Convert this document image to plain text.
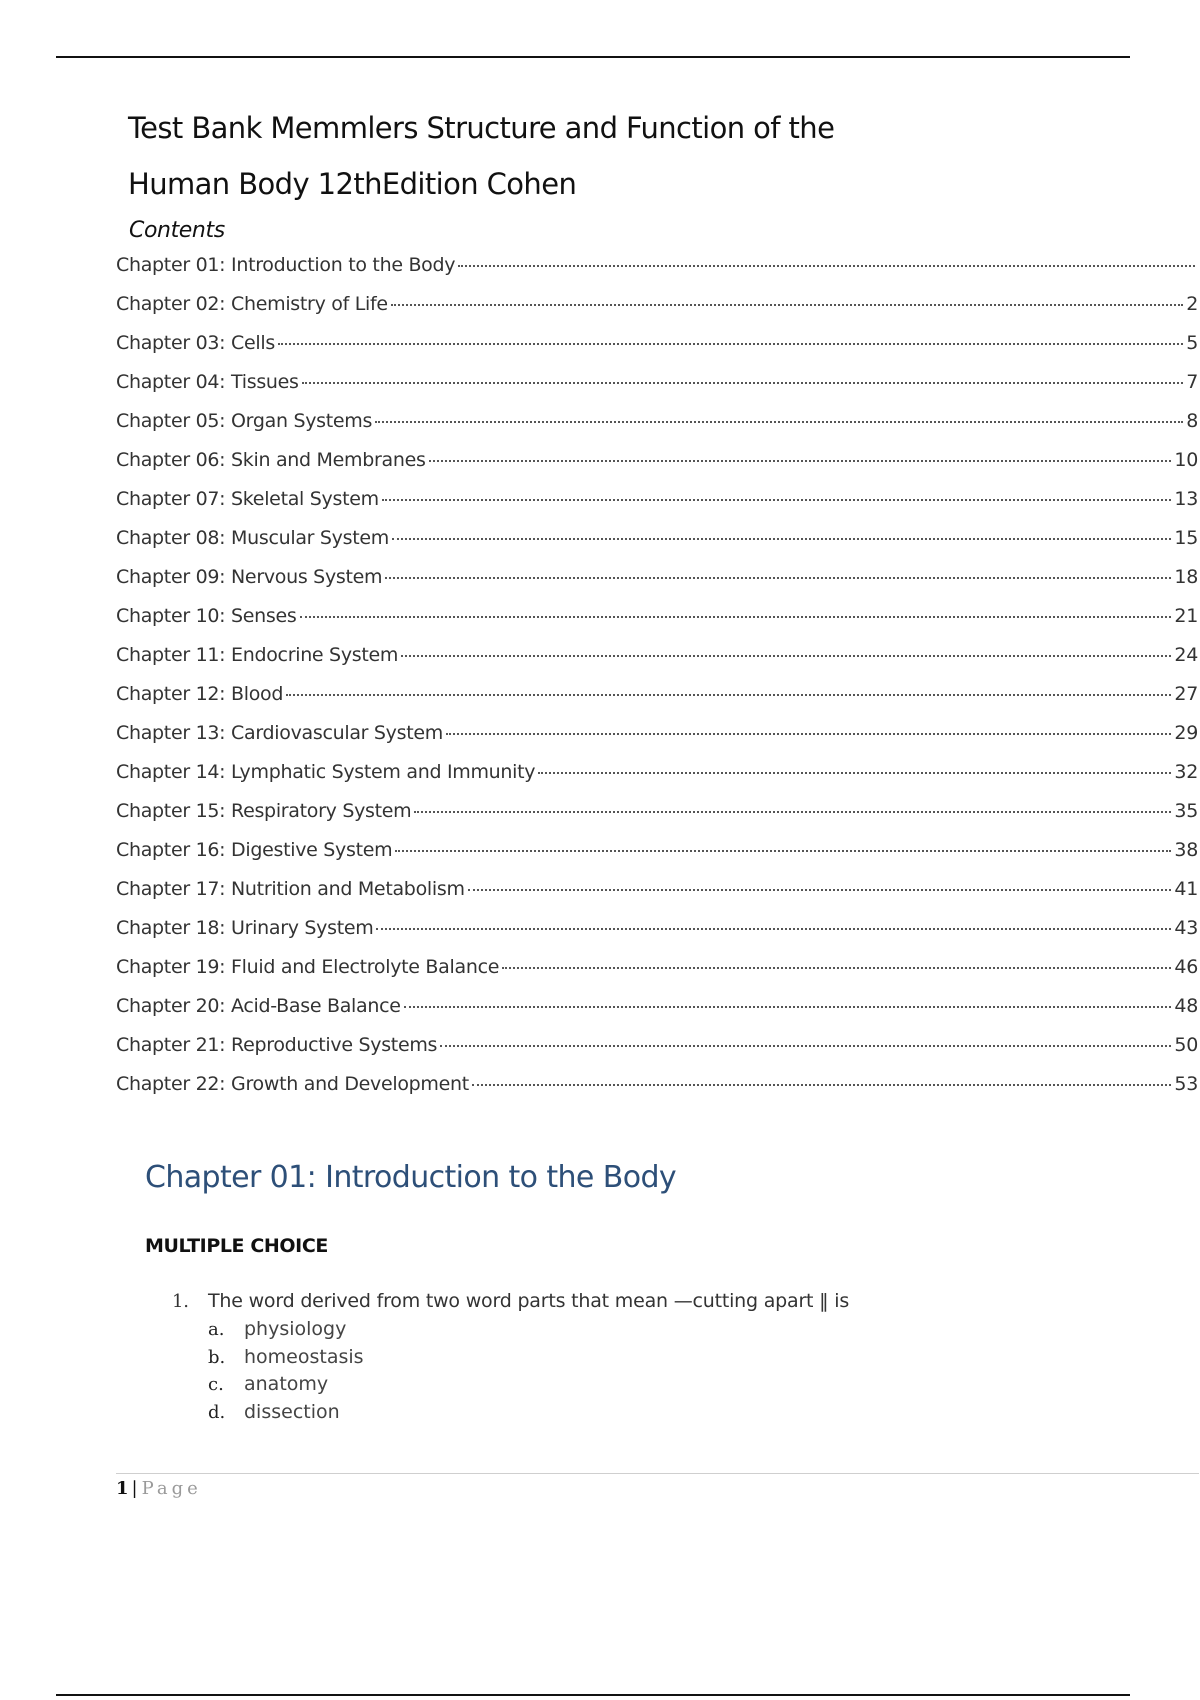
Test Bank Memmlers Structure and Function of the
Human Body 12thEdition Cohen
Contents
Chapter 01: Introduction to the Body
Chapter 02: Chemistry of Life	2
Chapter 03: Cells	5
Chapter 04: Tissues	7
Chapter 05: Organ Systems	8
Chapter 06: Skin and Membranes	10
Chapter 07: Skeletal System	13
Chapter 08: Muscular System	15
Chapter 09: Nervous System	18
Chapter 10: Senses	21
Chapter 11: Endocrine System	24
Chapter 12: Blood	27
Chapter 13: Cardiovascular System	29
Chapter 14: Lymphatic System and Immunity	32
Chapter 15: Respiratory System	35
Chapter 16: Digestive System	38
Chapter 17: Nutrition and Metabolism	41
Chapter 18: Urinary System	43
Chapter 19: Fluid and Electrolyte Balance	46
Chapter 20: Acid-Base Balance	48
Chapter 21: Reproductive Systems	50
Chapter 22: Growth and Development	53
Chapter 01: Introduction to the Body
MULTIPLE CHOICE
1. The word derived from two word parts that mean —cutting apart ‖ is
a. physiology
b. homeostasis
c. anatomy
d. dissection
1 | Page
